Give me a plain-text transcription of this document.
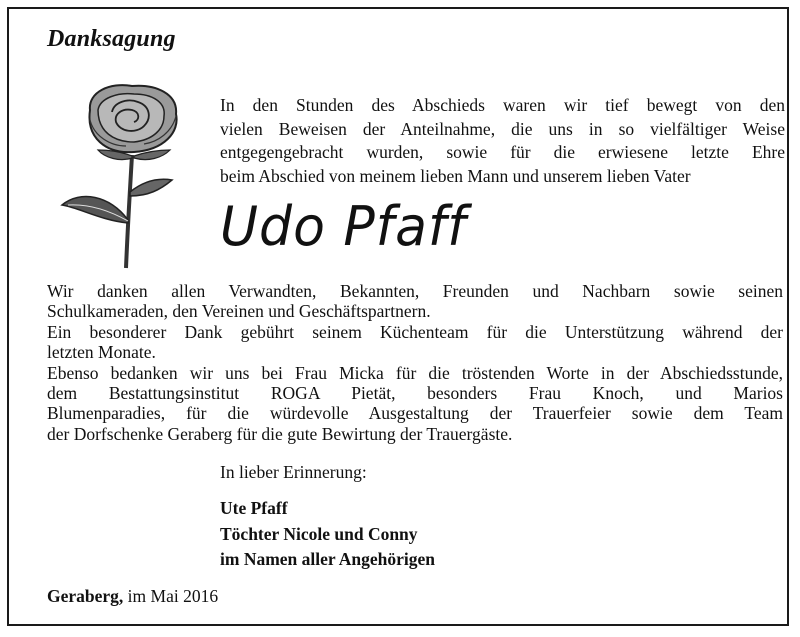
Danksagung
In den Stunden des Abschieds waren wir tief bewegt von den
vielen Beweisen der Anteilnahme, die uns in so vielfältiger Weise
entgegengebracht wurden, sowie für die erwiesene letzte Ehre
beim Abschied von meinem lieben Mann und unserem lieben Vater
Udo Pfaff

Wir danken allen Verwandten, Bekannten, Freunden und Nachbarn sowie seinen
Schulkameraden, den Vereinen und Geschäftspartnern.
Ein besonderer Dank gebührt seinem Küchenteam für die Unterstützung während der
letzten Monate.
Ebenso bedanken wir uns bei Frau Micka für die tröstenden Worte in der Abschiedsstunde,
dem Bestattungsinstitut ROGA Pietät, besonders Frau Knoch, und Marios
Blumenparadies, für die würdevolle Ausgestaltung der Trauerfeier sowie dem Team
der Dorfschenke Geraberg für die gute Bewirtung der Trauergäste.

In lieber Erinnerung:
Ute Pfaff
Töchter Nicole und Conny
im Namen aller Angehörigen
Geraberg, im Mai 2016
